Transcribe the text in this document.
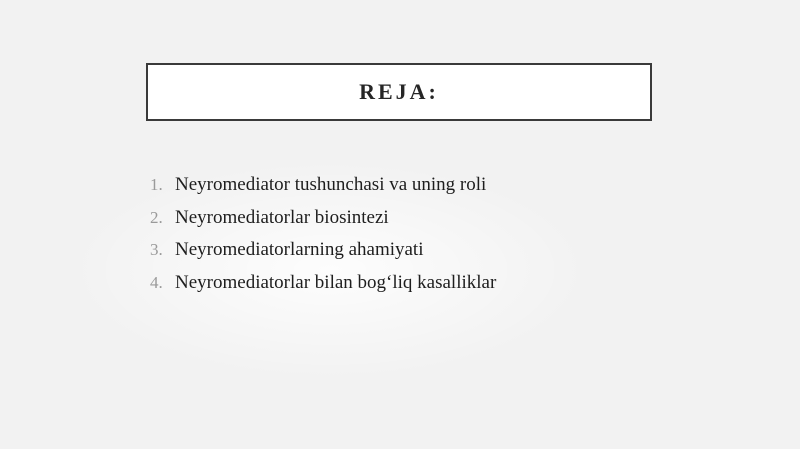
REJA:
1. Neyromediator tushunchasi va uning roli
2. Neyromediatorlar biosintezi
3. Neyromediatorlarning ahamiyati
4. Neyromediatorlar bilan bog‘liq kasalliklar
